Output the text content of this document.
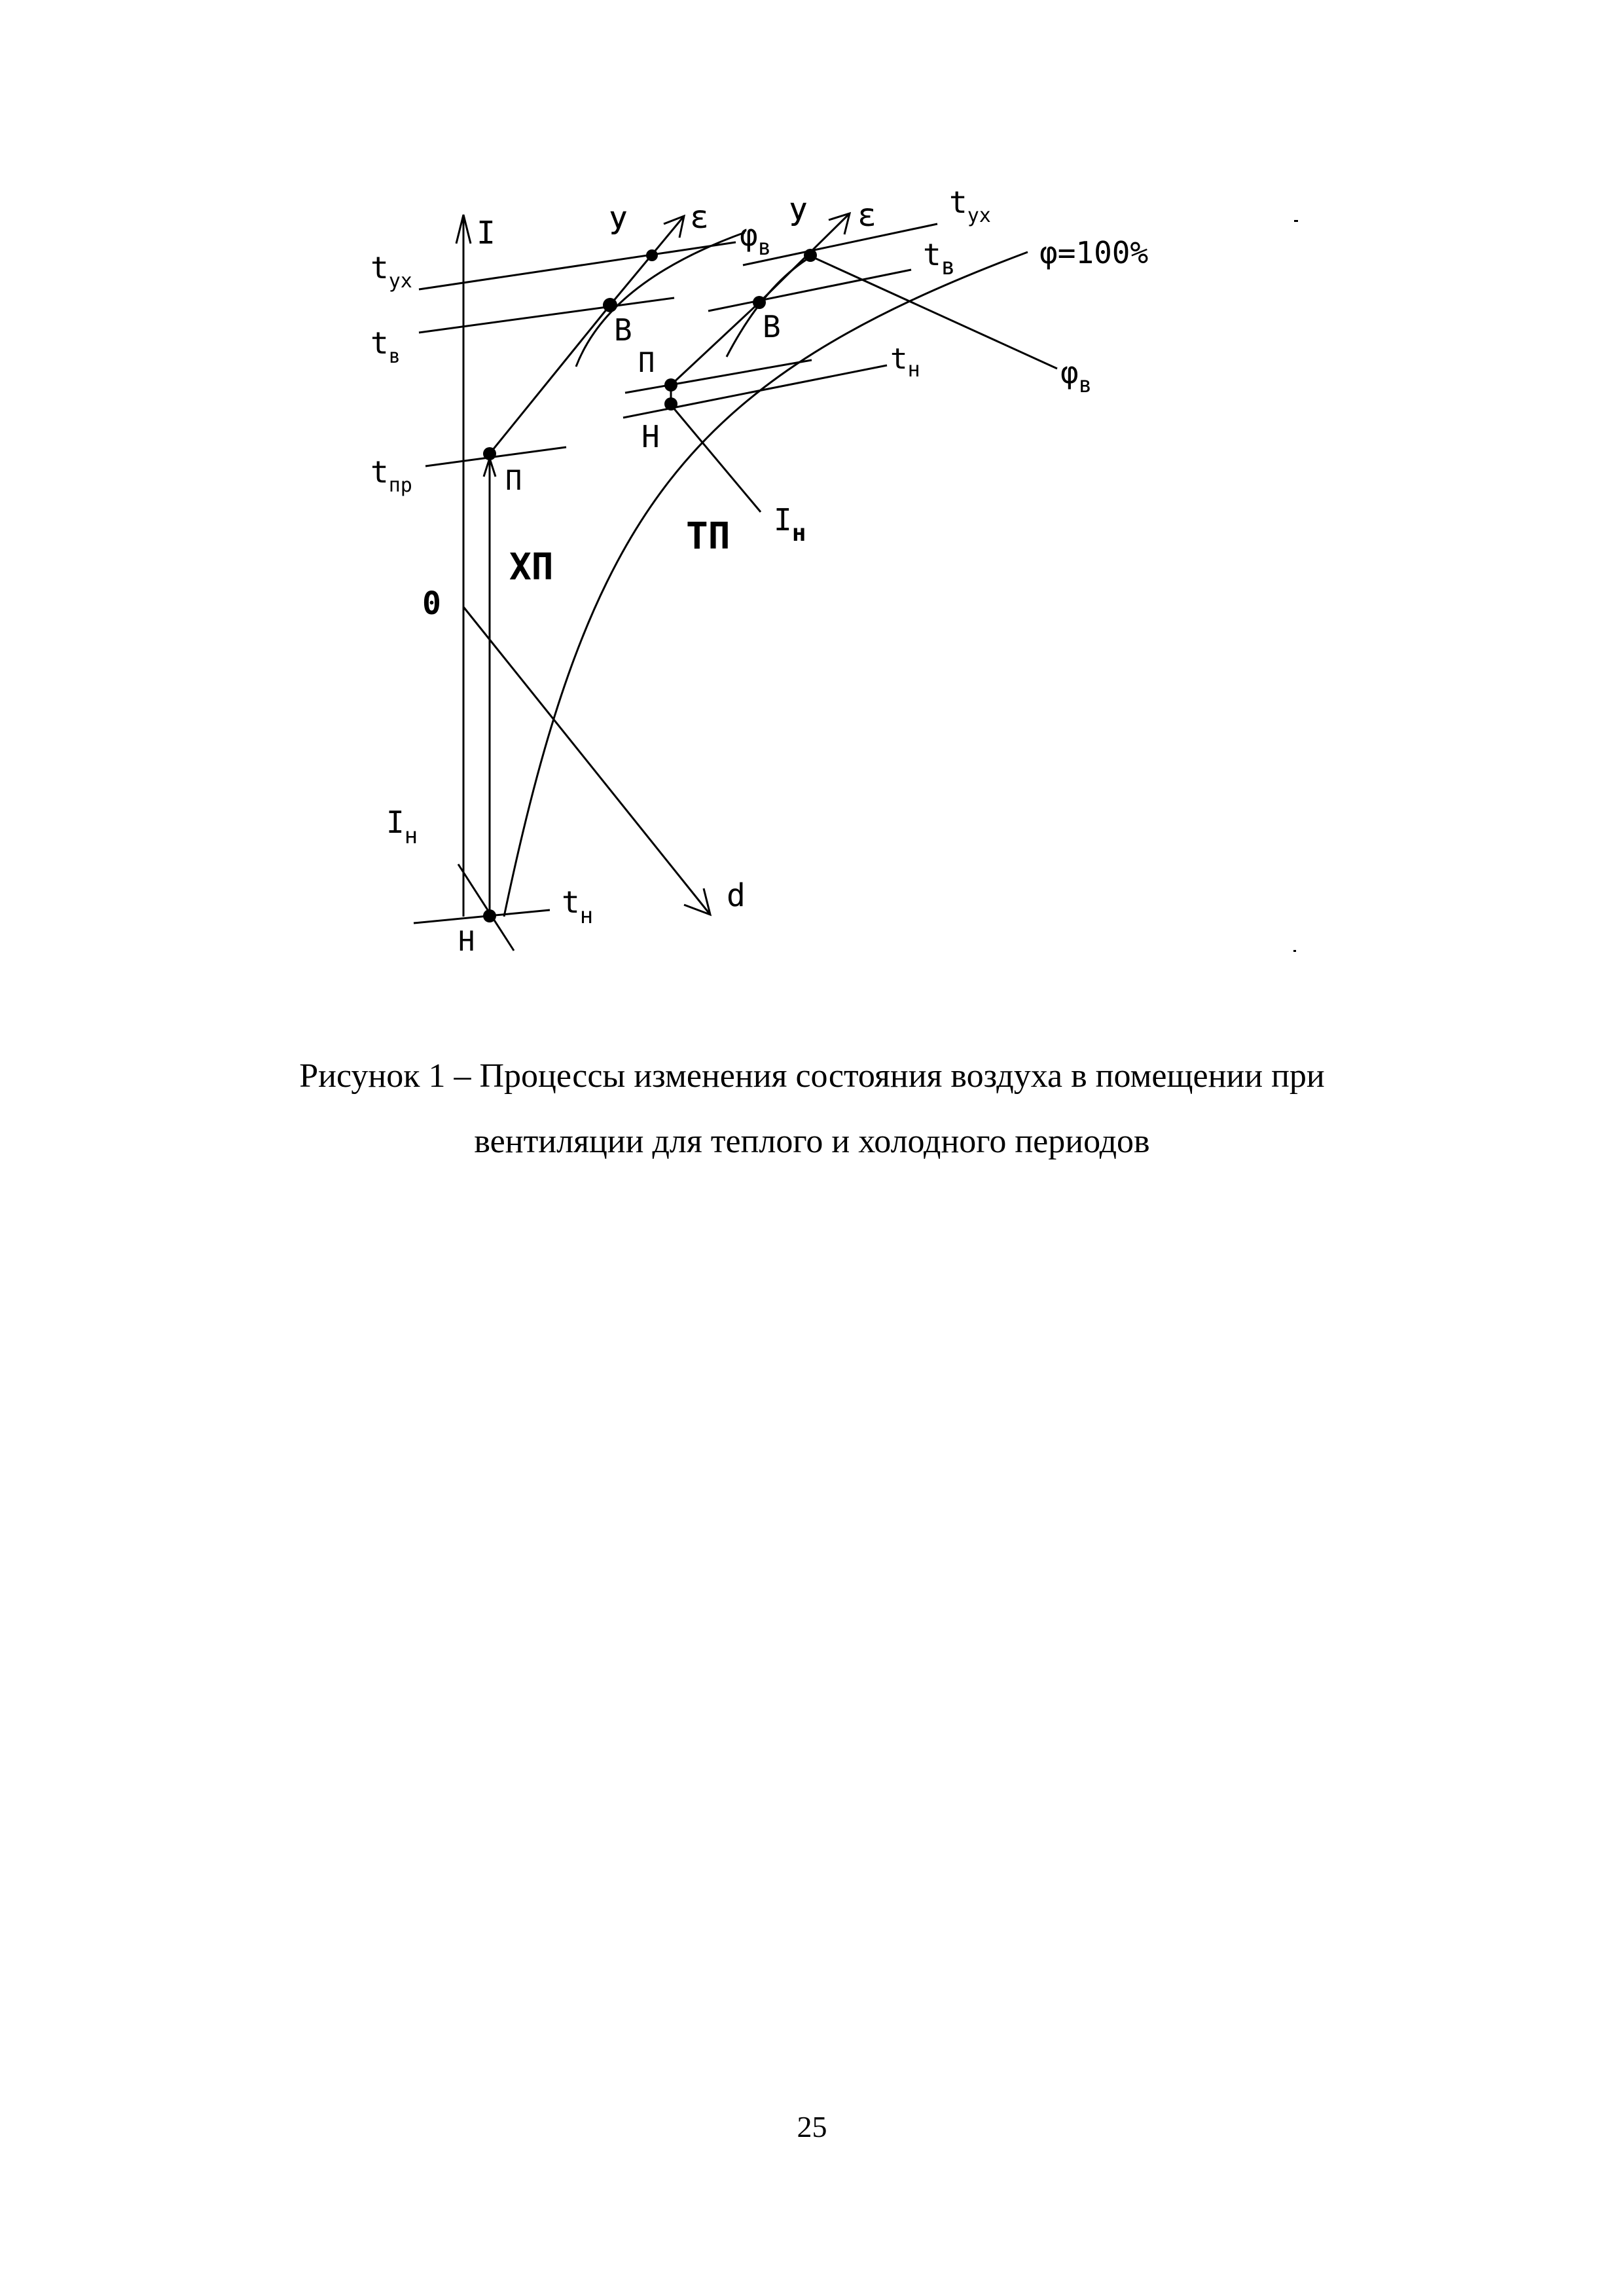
I
d
0
ХП
У ε
В
П
Н
$t_{ух}$
$t_в$
$t_{пр}$
$I_н$
$t_н$
ТП
У ε
В
П
Н
$t_{ух}$
$t_в$
$t_н$
$I_н$
$\varphi_в$
$\varphi_в$
φ=100%
Рисунок 1 – Процессы изменения состояния воздуха в помещении при
вентиляции для теплого и холодного периодов
25
